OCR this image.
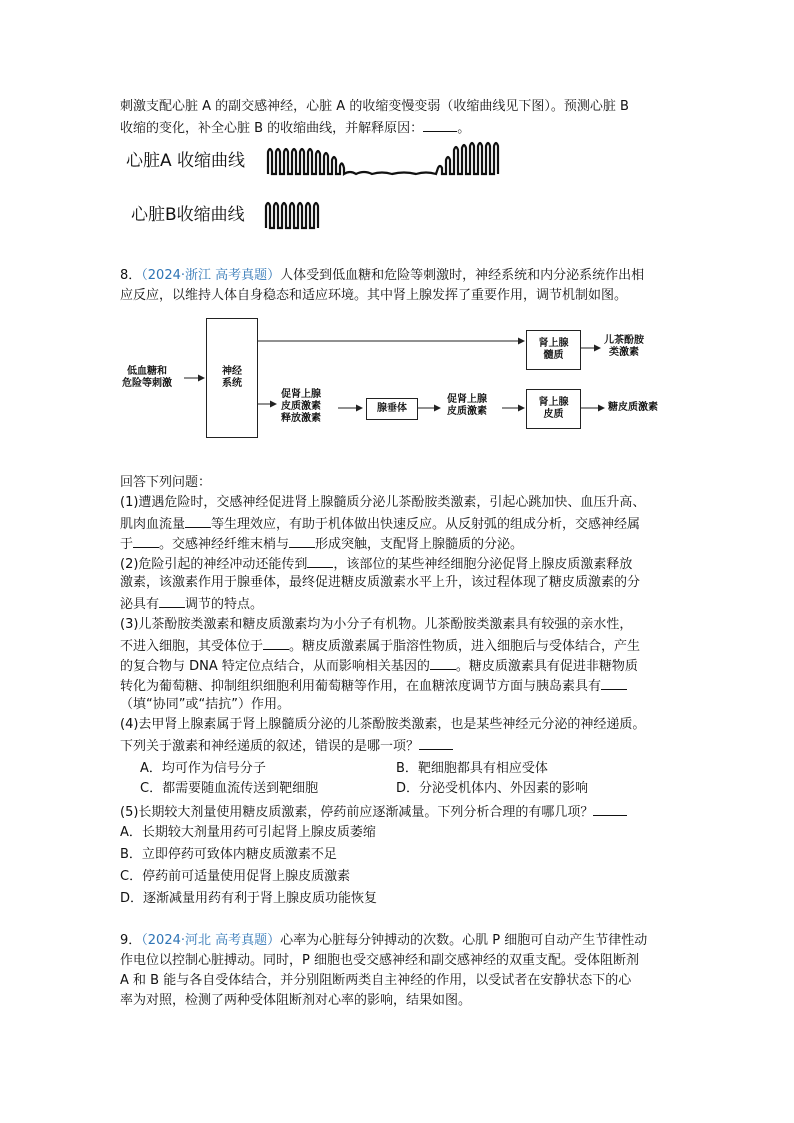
刺激支配心脏 A 的副交感神经，心脏 A 的收缩变慢变弱（收缩曲线见下图）。预测心脏 B
收缩的变化，补全心脏 B 的收缩曲线，并解释原因：	。
心脏A 收缩曲线
心脏B收缩曲线
8．（2024·浙江 高考真题）人体受到低血糖和危险等刺激时，神经系统和内分泌系统作出相
应反应，以维持人体自身稳态和适应环境。其中肾上腺发挥了重要作用，调节机制如图。
低血糖和
危险等刺激
神经
系统
肾上腺
髓质
儿茶酚胺
类激素
促肾上腺
皮质激素
释放激素
腺垂体
促肾上腺
皮质激素
肾上腺
皮质
糖皮质激素
回答下列问题：
(1)遭遇危险时，交感神经促进肾上腺髓质分泌儿茶酚胺类激素，引起心跳加快、血压升高、
肌肉血流量 等生理效应，有助于机体做出快速反应。从反射弧的组成分析，交感神经属
于 。交感神经纤维末梢与 形成突触，支配肾上腺髓质的分泌。
(2)危险引起的神经冲动还能传到 ，该部位的某些神经细胞分泌促肾上腺皮质激素释放
激素，该激素作用于腺垂体，最终促进糖皮质激素水平上升，该过程体现了糖皮质激素的分
泌具有 调节的特点。
(3)儿茶酚胺类激素和糖皮质激素均为小分子有机物。儿茶酚胺类激素具有较强的亲水性，
不进入细胞，其受体位于 。糖皮质激素属于脂溶性物质，进入细胞后与受体结合，产生
的复合物与 DNA 特定位点结合，从而影响相关基因的 。糖皮质激素具有促进非糖物质
转化为葡萄糖、抑制组织细胞利用葡萄糖等作用，在血糖浓度调节方面与胰岛素具有
（填“协同”或“拮抗”）作用。
(4)去甲肾上腺素属于肾上腺髓质分泌的儿茶酚胺类激素，也是某些神经元分泌的神经递质。
下列关于激素和神经递质的叙述，错误的是哪一项？
A．均可作为信号分子	B．靶细胞都具有相应受体
C．都需要随血流传送到靶细胞	D．分泌受机体内、外因素的影响
(5)长期较大剂量使用糖皮质激素，停药前应逐渐减量。下列分析合理的有哪几项？
A．长期较大剂量用药可引起肾上腺皮质萎缩
B．立即停药可致体内糖皮质激素不足
C．停药前可适量使用促肾上腺皮质激素
D．逐渐减量用药有利于肾上腺皮质功能恢复
9．（2024·河北 高考真题）心率为心脏每分钟搏动的次数。心肌 P 细胞可自动产生节律性动
作电位以控制心脏搏动。同时，P 细胞也受交感神经和副交感神经的双重支配。受体阻断剂
A 和 B 能与各自受体结合，并分别阻断两类自主神经的作用，以受试者在安静状态下的心
率为对照，检测了两种受体阻断剂对心率的影响，结果如图。
